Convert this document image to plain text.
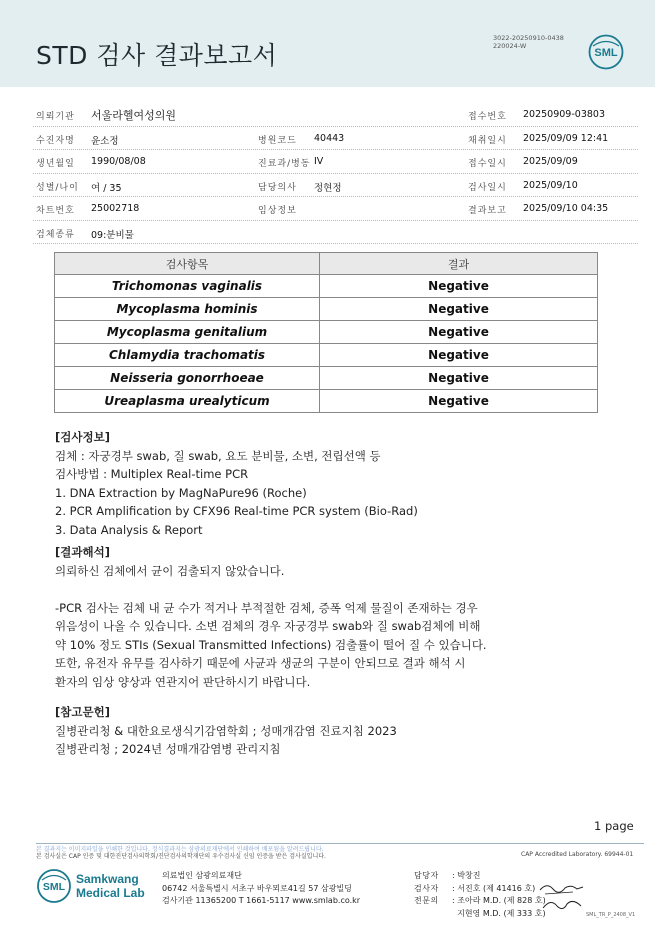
STD 검사 결과보고서
3022-20250910-0438
220024-W
SML
의뢰기관 서울라헬여성의원	접수번호 20250909-03803
수진자명 윤소정	병원코드 40443	채취일시 2025/09/09 12:41
생년월일 1990/08/08	진료과/병동 IV	접수일시 2025/09/09
성별/나이 여 / 35	담당의사 정현정	검사일시 2025/09/10
차트번호 25002718	임상정보	결과보고 2025/09/10 04:35
검체종류 09:분비물
검사항목	결과
Trichomonas vaginalis	Negative
Mycoplasma hominis	Negative
Mycoplasma genitalium	Negative
Chlamydia trachomatis	Negative
Neisseria gonorrhoeae	Negative
Ureaplasma urealyticum	Negative
[검사정보]
검체 : 자궁경부 swab, 질 swab, 요도 분비물, 소변, 전립선액 등
검사방법 : Multiplex Real-time PCR
1. DNA Extraction by MagNaPure96 (Roche)
2. PCR Amplification by CFX96 Real-time PCR system (Bio-Rad)
3. Data Analysis & Report
[결과해석]
의뢰하신 검체에서 균이 검출되지 않았습니다.
-PCR 검사는 검체 내 균 수가 적거나 부적절한 검체, 증폭 억제 물질이 존재하는 경우
위음성이 나올 수 있습니다. 소변 검체의 경우 자궁경부 swab와 질 swab검체에 비해
약 10% 정도 STIs (Sexual Transmitted Infections) 검출률이 떨어 질 수 있습니다.
또한, 유전자 유무를 검사하기 때문에 사균과 생균의 구분이 안되므로 결과 해석 시
환자의 임상 양상과 연관지어 판단하시기 바랍니다.
[참고문헌]
질병관리청 & 대한요로생식기감염학회 ; 성매개감염 진료지침 2023
질병관리청 ; 2024년 성매개감염병 관리지침
1 page
본 결과지는 이미지파일을 인쇄한 것입니다. 정식결과지는 삼광의료재단에서 인쇄하여 배포됨을 알려드립니다.
본 검사실은 CAP 인증 및 대한진단검사의학회/진단검사의학재단의 우수검사실 신임 인증을 받은 검사실입니다.	CAP Accredited Laboratory. 69944-01
SML
Samkwang
Medical Lab
의료법인 삼광의료재단
06742 서울특별시 서초구 바우뫼로41길 57 삼광빌딩
검사기관 11365200 T 1661-5117 www.smlab.co.kr
담당자 : 박창진
검사자 : 서진호 (제 41416 호)
전문의 : 조아라 M.D. (제 828 호)
지현영 M.D. (제 333 호)	SML_TR_P_2408_V1
